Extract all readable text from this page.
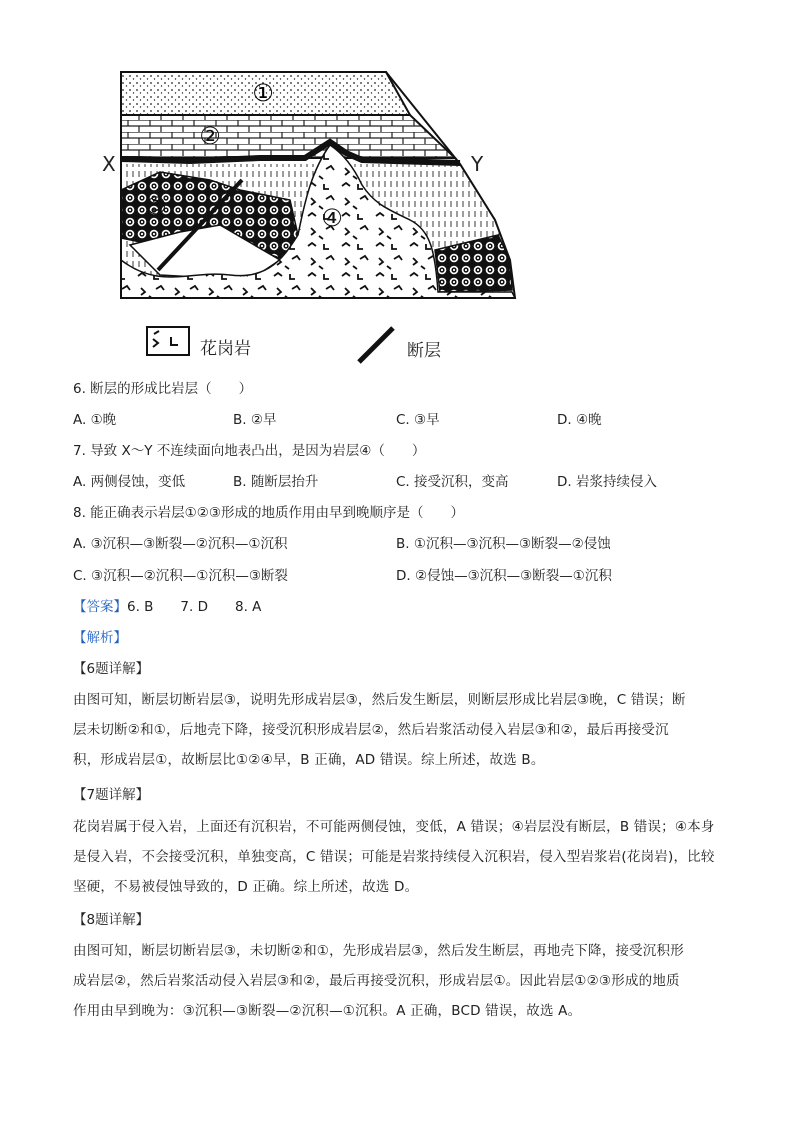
①
②
③	④
X	Y
花岗岩	断层
6. 断层的形成比岩层（　　）
A. ①晚	B. ②早	C. ③早	D. ④晚
7. 导致 X～Y 不连续面向地表凸出，是因为岩层④（　　）
A. 两侧侵蚀，变低	B. 随断层抬升	C. 接受沉积，变高	D. 岩浆持续侵入
8. 能正确表示岩层①②③形成的地质作用由早到晚顺序是（　　）
A. ③沉积—③断裂—②沉积—①沉积	B. ①沉积—③沉积—③断裂—②侵蚀
C. ③沉积—②沉积—①沉积—③断裂	D. ②侵蚀—③沉积—③断裂—①沉积
【答案】6. B　　7. D　　8. A
【解析】
【6题详解】

由图可知，断层切断岩层③，说明先形成岩层③，然后发生断层，则断层形成比岩层③晚，C 错误；断

层未切断②和①，后地壳下降，接受沉积形成岩层②，然后岩浆活动侵入岩层③和②，最后再接受沉

积，形成岩层①，故断层比①②④早，B 正确，AD 错误。综上所述，故选 B。

【7题详解】

花岗岩属于侵入岩，上面还有沉积岩，不可能两侧侵蚀，变低，A 错误；④岩层没有断层，B 错误；④本身

是侵入岩，不会接受沉积，单独变高，C 错误；可能是岩浆持续侵入沉积岩，侵入型岩浆岩(花岗岩)，比较

坚硬，不易被侵蚀导致的，D 正确。综上所述，故选 D。

【8题详解】

由图可知，断层切断岩层③，未切断②和①，先形成岩层③，然后发生断层，再地壳下降，接受沉积形

成岩层②，然后岩浆活动侵入岩层③和②，最后再接受沉积，形成岩层①。因此岩层①②③形成的地质

作用由早到晚为：③沉积—③断裂—②沉积—①沉积。A 正确，BCD 错误，故选 A。
